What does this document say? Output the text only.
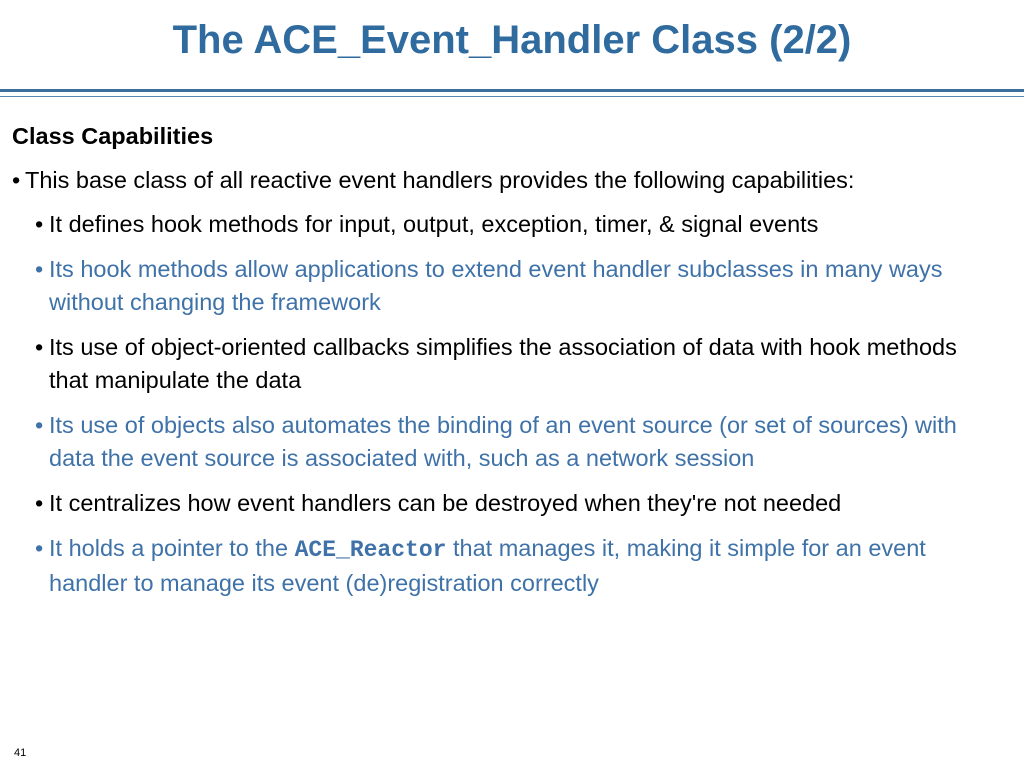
The ACE_Event_Handler Class (2/2)
Class Capabilities
• This base class of all reactive event handlers provides the following capabilities:
• It defines hook methods for input, output, exception, timer, & signal events
• Its hook methods allow applications to extend event handler subclasses in many ways without changing the framework
• Its use of object-oriented callbacks simplifies the association of data with hook methods that manipulate the data
• Its use of objects also automates the binding of an event source (or set of sources) with data the event source is associated with, such as a network session
• It centralizes how event handlers can be destroyed when they're not needed
• It holds a pointer to the ACE_Reactor that manages it, making it simple for an event handler to manage its event (de)registration correctly
41
